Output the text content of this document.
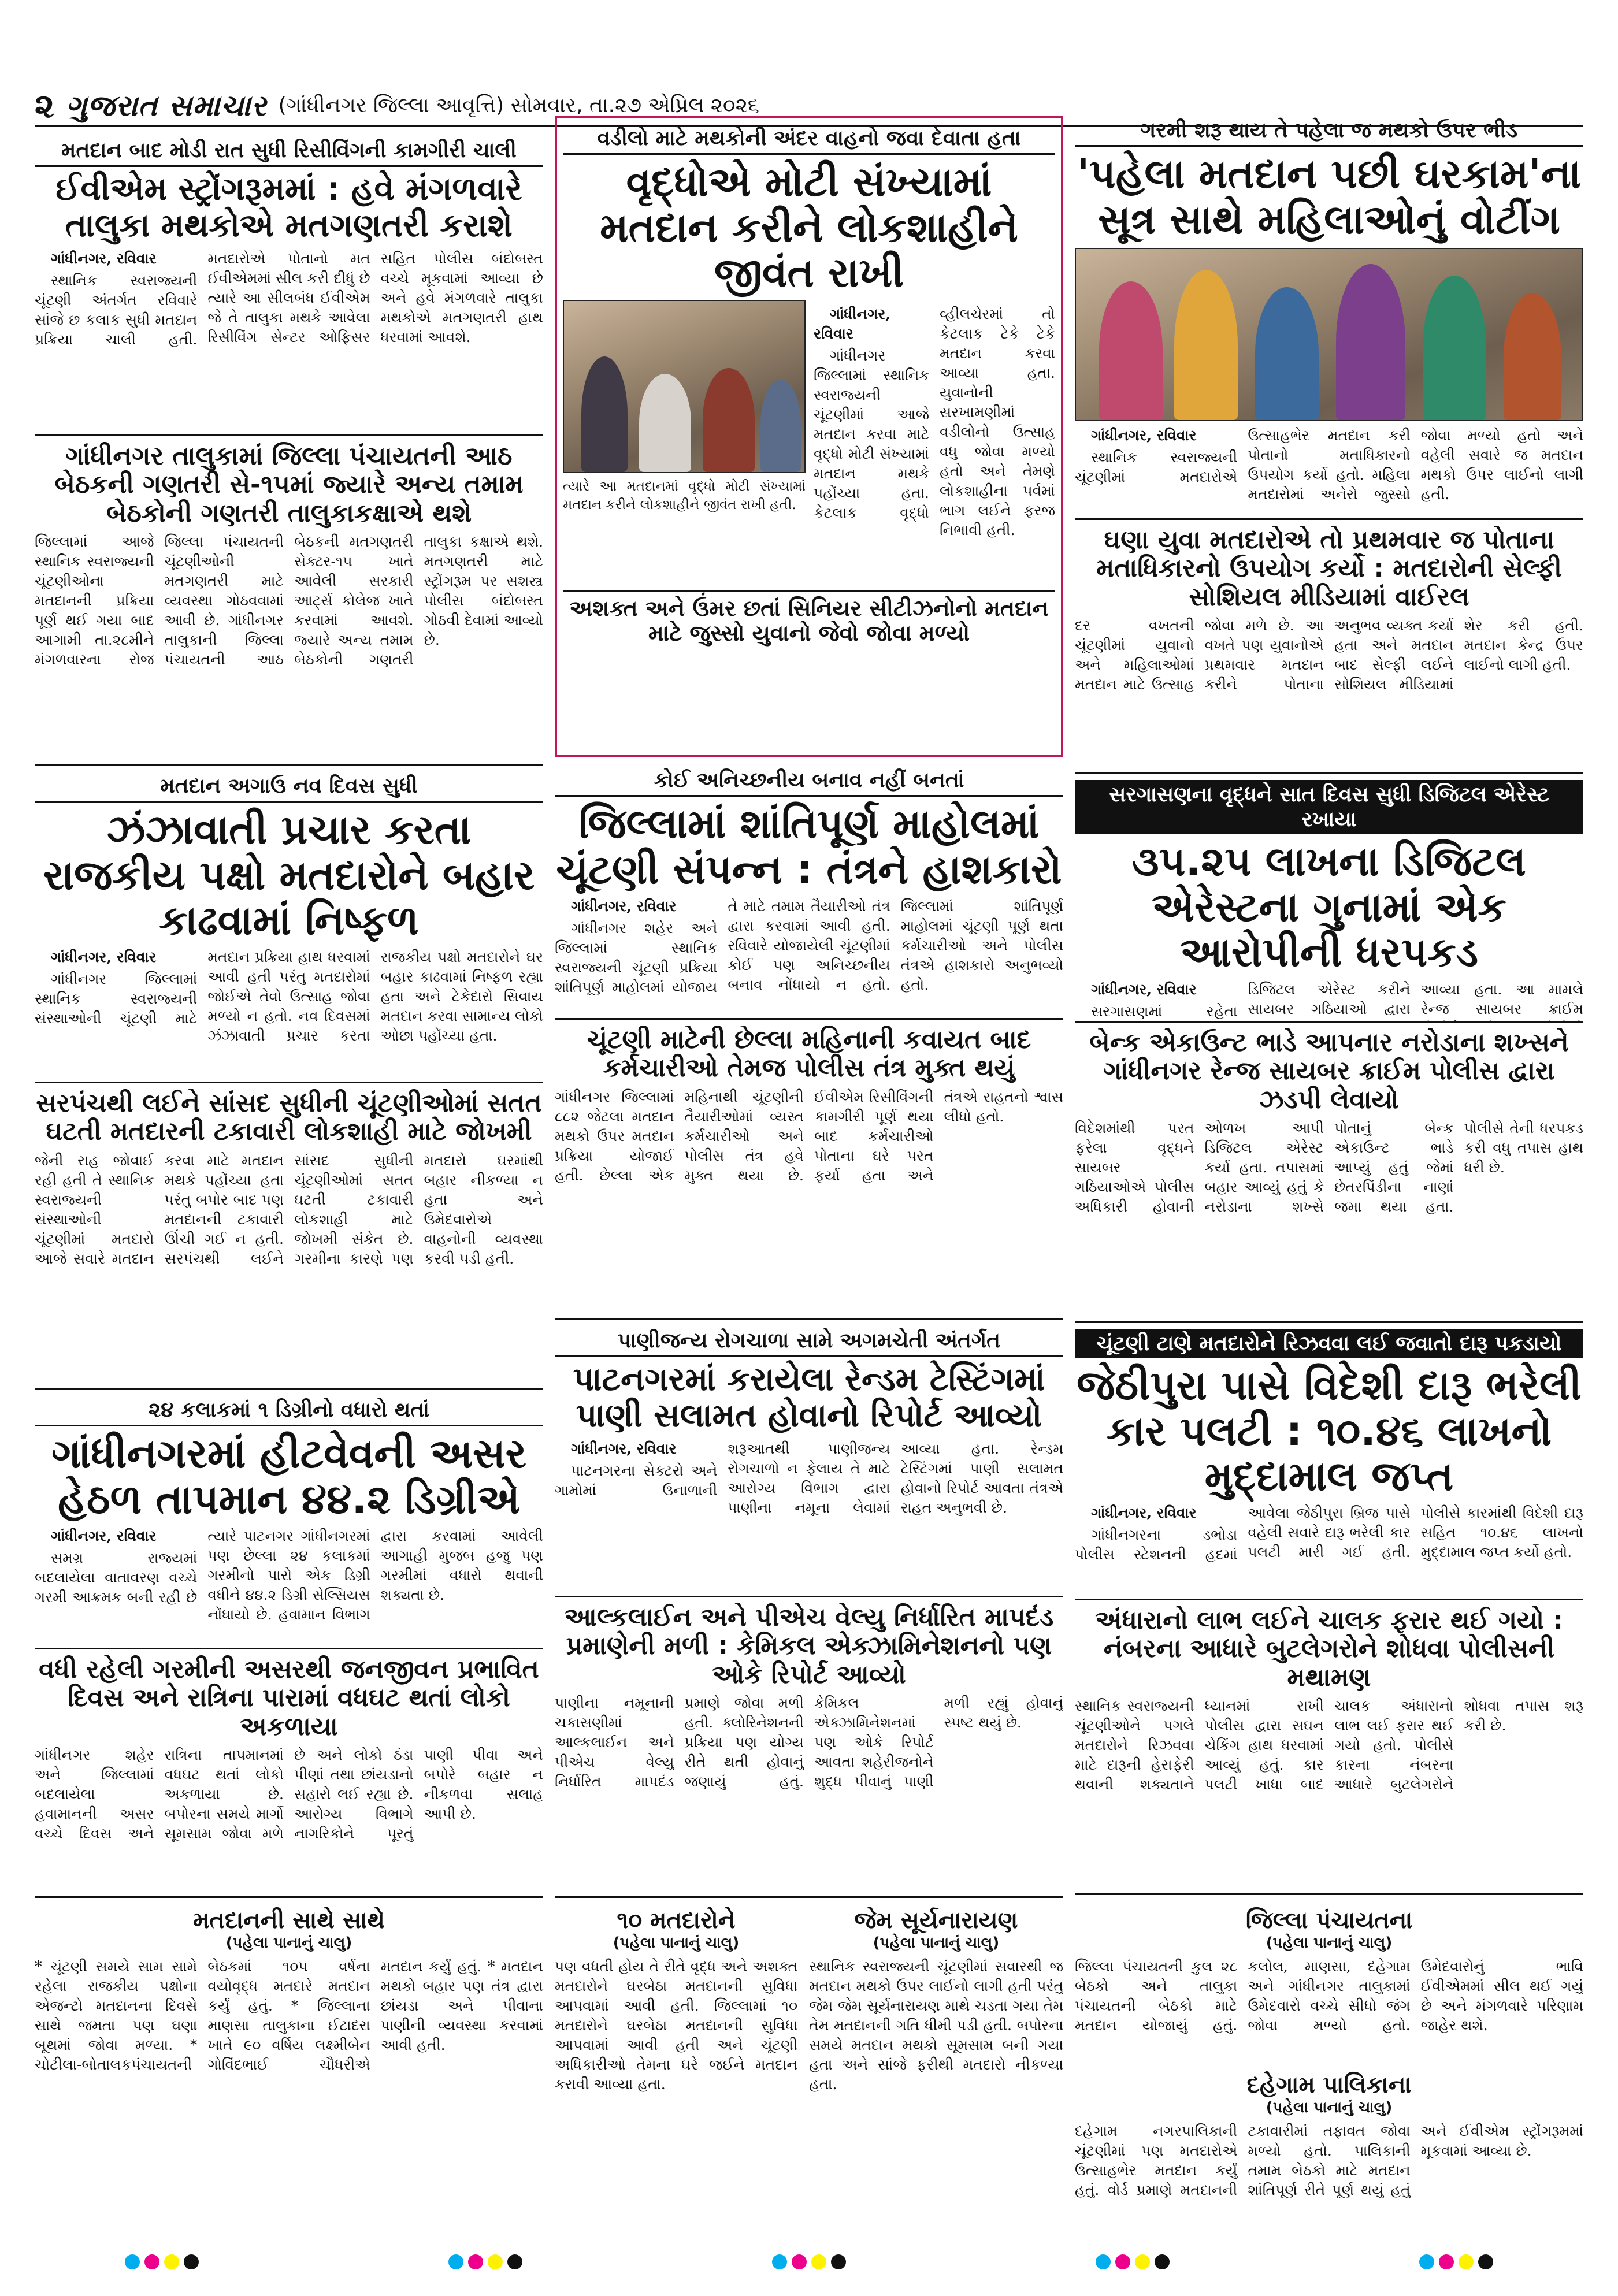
૨ ગુજરાત સમાચાર (ગાંધીનગર જિલ્લા આવૃત્તિ) સોમવાર, તા.૨૭ એપ્રિલ ૨૦૨૬
મતદાન બાદ મોડી રાત સુધી રિસીવિંગની કામગીરી ચાલી
ઈવીએમ સ્ટ્રોંગરૂમમાં : હવે મંગળવારે તાલુકા મથકોએ મતગણતરી કરાશે

ગાંધીનગર, રવિવાર

સ્થાનિક સ્વરાજ્યની ચૂંટણી અંતર્ગત રવિવારે સાંજે છ કલાક સુધી મતદાન પ્રક્રિયા ચાલી હતી. મતદારોએ પોતાનો મત ઈવીએમમાં સીલ કરી દીધું છે ત્યારે આ સીલબંધ ઈવીએમ જે તે તાલુકા મથકે આવેલા રિસીવિંગ સેન્ટર ઓફિસર સહિત પોલીસ બંદોબસ્ત વચ્ચે મૂકવામાં આવ્યા છે અને હવે મંગળવારે તાલુકા મથકોએ મતગણતરી હાથ ધરવામાં આવશે.

ગાંધીનગર તાલુકામાં જિલ્લા પંચાયતની આઠ બેઠકની ગણતરી સે-૧૫માં જ્યારે અન્ય તમામ બેઠકોની ગણતરી તાલુકાકક્ષાએ થશે
જિલ્લામાં આજે સ્થાનિક સ્વરાજ્યની ચૂંટણીઓના મતદાનની પ્રક્રિયા પૂર્ણ થઈ ગયા બાદ આગામી તા.૨૮મીને મંગળવારના રોજ જિલ્લા પંચાયતની ચૂંટણીઓની મતગણતરી માટે વ્યવસ્થા ગોઠવવામાં આવી છે. ગાંધીનગર તાલુકાની જિલ્લા પંચાયતની આઠ બેઠકની મતગણતરી સેક્ટર-૧૫ ખાતે આવેલી સરકારી આર્ટ્સ કોલેજ ખાતે કરવામાં આવશે. જ્યારે અન્ય તમામ બેઠકોની ગણતરી તાલુકા કક્ષાએ થશે. મતગણતરી માટે સ્ટ્રોંગરૂમ પર સશસ્ત્ર પોલીસ બંદોબસ્ત ગોઠવી દેવામાં આવ્યો છે.
મતદાન અગાઉ નવ દિવસ સુધી
ઝંઝાવાતી પ્રચાર કરતા રાજકીય પક્ષો મતદારોને બહાર કાઢવામાં નિષ્ફળ

ગાંધીનગર, રવિવાર

ગાંધીનગર જિલ્લામાં સ્થાનિક સ્વરાજ્યની સંસ્થાઓની ચૂંટણી માટે મતદાન પ્રક્રિયા હાથ ધરવામાં આવી હતી પરંતુ મતદારોમાં જોઈએ તેવો ઉત્સાહ જોવા મળ્યો ન હતો. નવ દિવસમાં ઝંઝાવાતી પ્રચાર કરતા રાજકીય પક્ષો મતદારોને ઘર બહાર કાઢવામાં નિષ્ફળ રહ્યા હતા અને ટેકેદારો સિવાય મતદાન કરવા સામાન્ય લોકો ઓછા પહોંચ્યા હતા.

સરપંચથી લઈને સાંસદ સુધીની ચૂંટણીઓમાં સતત ઘટતી મતદારની ટકાવારી લોકશાહી માટે જોખમી
જેની રાહ જોવાઈ રહી હતી તે સ્થાનિક સ્વરાજ્યની સંસ્થાઓની ચૂંટણીમાં મતદારો આજે સવારે મતદાન કરવા માટે મતદાન મથકે પહોંચ્યા હતા પરંતુ બપોર બાદ પણ મતદાનની ટકાવારી ઊંચી ગઈ ન હતી. સરપંચથી લઈને સાંસદ સુધીની ચૂંટણીઓમાં સતત ઘટતી ટકાવારી લોકશાહી માટે જોખમી સંકેત છે. ગરમીના કારણે પણ મતદારો ઘરમાંથી બહાર નીકળ્યા ન હતા અને ઉમેદવારોએ વાહનોની વ્યવસ્થા કરવી પડી હતી.
૨૪ કલાકમાં ૧ ડિગ્રીનો વધારો થતાં
ગાંધીનગરમાં હીટવેવની અસર હેઠળ તાપમાન ૪૪.૨ ડિગ્રીએ

ગાંધીનગર, રવિવાર

સમગ્ર રાજ્યમાં બદલાયેલા વાતાવરણ વચ્ચે ગરમી આક્રમક બની રહી છે ત્યારે પાટનગર ગાંધીનગરમાં પણ છેલ્લા ૨૪ કલાકમાં ગરમીનો પારો એક ડિગ્રી વધીને ૪૪.૨ ડિગ્રી સેલ્સિયસ નોંધાયો છે. હવામાન વિભાગ દ્વારા કરવામાં આવેલી આગાહી મુજબ હજુ પણ ગરમીમાં વધારો થવાની શક્યતા છે.

વધી રહેલી ગરમીની અસરથી જનજીવન પ્રભાવિત દિવસ અને રાત્રિના પારામાં વધઘટ થતાં લોકો અકળાયા
ગાંધીનગર શહેર અને જિલ્લામાં બદલાયેલા હવામાનની અસર વચ્ચે દિવસ અને રાત્રિના તાપમાનમાં વધઘટ થતાં લોકો અકળાયા છે. બપોરના સમયે માર્ગો સૂમસામ જોવા મળે છે અને લોકો ઠંડા પીણાં તથા છાંયડાનો સહારો લઈ રહ્યા છે. આરોગ્ય વિભાગે નાગરિકોને પૂરતું પાણી પીવા અને બપોરે બહાર ન નીકળવા સલાહ આપી છે.
વડીલો માટે મથકોની અંદર વાહનો જવા દેવાતા હતા
વૃદ્ધોએ મોટી સંખ્યામાં મતદાન કરીને લોકશાહીને જીવંત રાખી
ત્યારે આ મતદાનમાં વૃદ્ધો મોટી સંખ્યામાં મતદાન કરીને લોકશાહીને જીવંત રાખી હતી.

ગાંધીનગર, રવિવાર

ગાંધીનગર જિલ્લામાં સ્થાનિક સ્વરાજ્યની ચૂંટણીમાં આજે મતદાન કરવા માટે વૃદ્ધો મોટી સંખ્યામાં મતદાન મથકે પહોંચ્યા હતા. કેટલાક વૃદ્ધો વ્હીલચેરમાં તો કેટલાક ટેકે ટેકે મતદાન કરવા આવ્યા હતા. યુવાનોની સરખામણીમાં વડીલોનો ઉત્સાહ વધુ જોવા મળ્યો હતો અને તેમણે લોકશાહીના પર્વમાં ભાગ લઈને ફરજ નિભાવી હતી.

અશક્ત અને ઉંમર છતાં સિનિયર સીટીઝનોનો મતદાન માટે જુસ્સો યુવાનો જેવો જોવા મળ્યો
કોઈ અનિચ્છનીય બનાવ નહીં બનતાં
જિલ્લામાં શાંતિપૂર્ણ માહોલમાં ચૂંટણી સંપન્ન : તંત્રને હાશકારો

ગાંધીનગર, રવિવાર

ગાંધીનગર શહેર અને જિલ્લામાં સ્થાનિક સ્વરાજ્યની ચૂંટણી પ્રક્રિયા શાંતિપૂર્ણ માહોલમાં યોજાય તે માટે તમામ તૈયારીઓ તંત્ર દ્વારા કરવામાં આવી હતી. રવિવારે યોજાયેલી ચૂંટણીમાં કોઈ પણ અનિચ્છનીય બનાવ નોંધાયો ન હતો. જિલ્લામાં શાંતિપૂર્ણ માહોલમાં ચૂંટણી પૂર્ણ થતા કર્મચારીઓ અને પોલીસ તંત્રએ હાશકારો અનુભવ્યો હતો.

ચૂંટણી માટેની છેલ્લા મહિનાની કવાયત બાદ કર્મચારીઓ તેમજ પોલીસ તંત્ર મુક્ત થયું
ગાંધીનગર જિલ્લામાં ૮૮૨ જેટલા મતદાન મથકો ઉપર મતદાન પ્રક્રિયા યોજાઈ હતી. છેલ્લા એક મહિનાથી ચૂંટણીની તૈયારીઓમાં વ્યસ્ત કર્મચારીઓ અને પોલીસ તંત્ર હવે મુક્ત થયા છે. ઈવીએમ રિસીવિંગની કામગીરી પૂર્ણ થયા બાદ કર્મચારીઓ પોતાના ઘરે પરત ફર્યા હતા અને તંત્રએ રાહતનો શ્વાસ લીધો હતો.
પાણીજન્ય રોગચાળા સામે અગમચેતી અંતર્ગત
પાટનગરમાં કરાયેલા રેન્ડમ ટેસ્ટિંગમાં પાણી સલામત હોવાનો રિપોર્ટ આવ્યો

ગાંધીનગર, રવિવાર

પાટનગરના સેક્ટરો અને ગામોમાં ઉનાળાની શરૂઆતથી પાણીજન્ય રોગચાળો ન ફેલાય તે માટે આરોગ્ય વિભાગ દ્વારા પાણીના નમૂના લેવામાં આવ્યા હતા. રેન્ડમ ટેસ્ટિંગમાં પાણી સલામત હોવાનો રિપોર્ટ આવતા તંત્રએ રાહત અનુભવી છે.

આલ્કલાઈન અને પીએચ વેલ્યુ નિર્ધારિત માપદંડ પ્રમાણેની મળી : કેમિકલ એક્ઝામિનેશનનો પણ ઓકે રિપોર્ટ આવ્યો
પાણીના નમૂનાની ચકાસણીમાં આલ્કલાઈન અને પીએચ વેલ્યુ નિર્ધારિત માપદંડ પ્રમાણે જોવા મળી હતી. ક્લોરિનેશનની પ્રક્રિયા પણ યોગ્ય રીતે થતી હોવાનું જણાયું હતું. કેમિકલ એક્ઝામિનેશનમાં પણ ઓકે રિપોર્ટ આવતા શહેરીજનોને શુદ્ધ પીવાનું પાણી મળી રહ્યું હોવાનું સ્પષ્ટ થયું છે.
ગરમી શરૂ થાય તે પહેલા જ મથકો ઉપર ભીડ
'પહેલા મતદાન પછી ઘરકામ'ના સૂત્ર સાથે મહિલાઓનું વોટીંગ

ગાંધીનગર, રવિવાર

સ્થાનિક સ્વરાજ્યની ચૂંટણીમાં મતદારોએ ઉત્સાહભેર મતદાન કરી પોતાનો મતાધિકારનો ઉપયોગ કર્યો હતો. મહિલા મતદારોમાં અનેરો જુસ્સો જોવા મળ્યો હતો અને વહેલી સવારે જ મતદાન મથકો ઉપર લાઈનો લાગી હતી.

ઘણા યુવા મતદારોએ તો પ્રથમવાર જ પોતાના મતાધિકારનો ઉપયોગ કર્યો : મતદારોની સેલ્ફી સોશિયલ મીડિયામાં વાઈરલ
દર વખતની ચૂંટણીમાં યુવાનો અને મહિલાઓમાં મતદાન માટે ઉત્સાહ જોવા મળે છે. આ વખતે પણ યુવાનોએ પ્રથમવાર મતદાન કરીને પોતાના અનુભવ વ્યક્ત કર્યા હતા અને મતદાન બાદ સેલ્ફી લઈને સોશિયલ મીડિયામાં શેર કરી હતી. મતદાન કેન્દ્ર ઉપર લાઈનો લાગી હતી.
સરગાસણના વૃદ્ધને સાત દિવસ સુધી ડિજિટલ એરેસ્ટ રખાયા
૩૫.૨૫ લાખના ડિજિટલ એરેસ્ટના ગુનામાં એક આરોપીની ધરપકડ

ગાંધીનગર, રવિવાર

સરગાસણમાં રહેતા ડિજિટલ એરેસ્ટ કરીને સાયબર ગઠિયાઓ દ્વારા આવ્યા હતા. આ મામલે રેન્જ સાયબર ક્રાઈમ

બેન્ક એકાઉન્ટ ભાડે આપનાર નરોડાના શખ્સને ગાંધીનગર રેન્જ સાયબર ક્રાઈમ પોલીસ દ્વારા ઝડપી લેવાયો
વિદેશમાંથી પરત ફરેલા વૃદ્ધને સાયબર ગઠિયાઓએ પોલીસ અધિકારી હોવાની ઓળખ આપી ડિજિટલ એરેસ્ટ કર્યા હતા. તપાસમાં બહાર આવ્યું હતું કે નરોડાના શખ્સે પોતાનું બેન્ક એકાઉન્ટ ભાડે આપ્યું હતું જેમાં છેતરપિંડીના નાણાં જમા થયા હતા. પોલીસે તેની ધરપકડ કરી વધુ તપાસ હાથ ધરી છે.
ચૂંટણી ટાણે મતદારોને રિઝવવા લઈ જવાતો દારૂ પકડાયો
જેઠીપુરા પાસે વિદેશી દારૂ ભરેલી કાર પલટી : ૧૦.૪૬ લાખનો મુદ્દામાલ જપ્ત

ગાંધીનગર, રવિવાર

ગાંધીનગરના ડભોડા પોલીસ સ્ટેશનની હદમાં આવેલા જેઠીપુરા બ્રિજ પાસે વહેલી સવારે દારૂ ભરેલી કાર પલટી મારી ગઈ હતી. પોલીસે કારમાંથી વિદેશી દારૂ સહિત ૧૦.૪૬ લાખનો મુદ્દામાલ જપ્ત કર્યો હતો.

અંધારાનો લાભ લઈને ચાલક ફરાર થઈ ગયો : નંબરના આધારે બુટલેગરોને શોધવા પોલીસની મથામણ
સ્થાનિક સ્વરાજ્યની ચૂંટણીઓને પગલે મતદારોને રિઝવવા માટે દારૂની હેરાફેરી થવાની શક્યતાને ધ્યાનમાં રાખી પોલીસ દ્વારા સઘન ચેકિંગ હાથ ધરવામાં આવ્યું હતું. કાર પલટી ખાધા બાદ ચાલક અંધારાનો લાભ લઈ ફરાર થઈ ગયો હતો. પોલીસે કારના નંબરના આધારે બુટલેગરોને શોધવા તપાસ શરૂ કરી છે.
મતદાનની સાથે સાથે
(પહેલા પાનાનું ચાલુ)
* ચૂંટણી સમયે સામ સામે રહેલા રાજકીય પક્ષોના એજન્ટો મતદાનના દિવસે સાથે જમતા પણ ઘણા બૂથમાં જોવા મળ્યા. * ચોટીલા-બોતાલકપંચાયતની બેઠકમાં ૧૦૫ વર્ષના વયોવૃદ્ધ મતદારે મતદાન કર્યું હતું. * જિલ્લાના માણસા તાલુકાના ઈટાદરા ખાતે ૯૦ વર્ષિય લક્ષ્મીબેન ગોવિંદભાઈ ચૌધરીએ મતદાન કર્યું હતું. * મતદાન મથકો બહાર પણ તંત્ર દ્વારા છાંયડા અને પીવાના પાણીની વ્યવસ્થા કરવામાં આવી હતી.
૧૦ મતદારોને
(પહેલા પાનાનું ચાલુ)
પણ વધતી હોય તે રીતે વૃદ્ધ અને અશક્ત મતદારોને ઘરબેઠા મતદાનની સુવિધા આપવામાં આવી હતી. જિલ્લામાં ૧૦ મતદારોને ઘરબેઠા મતદાનની સુવિધા આપવામાં આવી હતી અને ચૂંટણી અધિકારીઓ તેમના ઘરે જઈને મતદાન કરાવી આવ્યા હતા.
જેમ સૂર્યનારાયણ
(પહેલા પાનાનું ચાલુ)
સ્થાનિક સ્વરાજ્યની ચૂંટણીમાં સવારથી જ મતદાન મથકો ઉપર લાઈનો લાગી હતી પરંતુ જેમ જેમ સૂર્યનારાયણ માથે ચડતા ગયા તેમ તેમ મતદાનની ગતિ ધીમી પડી હતી. બપોરના સમયે મતદાન મથકો સૂમસામ બની ગયા હતા અને સાંજે ફરીથી મતદારો નીકળ્યા હતા.
જિલ્લા પંચાયતના
(પહેલા પાનાનું ચાલુ)
જિલ્લા પંચાયતની કુલ ૨૮ બેઠકો અને તાલુકા પંચાયતની બેઠકો માટે મતદાન યોજાયું હતું. કલોલ, માણસા, દહેગામ અને ગાંધીનગર તાલુકામાં ઉમેદવારો વચ્ચે સીધો જંગ જોવા મળ્યો હતો. ઉમેદવારોનું ભાવિ ઈવીએમમાં સીલ થઈ ગયું છે અને મંગળવારે પરિણામ જાહેર થશે.
દહેગામ પાલિકાના
(પહેલા પાનાનું ચાલુ)
દહેગામ નગરપાલિકાની ચૂંટણીમાં પણ મતદારોએ ઉત્સાહભેર મતદાન કર્યું હતું. વોર્ડ પ્રમાણે મતદાનની ટકાવારીમાં તફાવત જોવા મળ્યો હતો. પાલિકાની તમામ બેઠકો માટે મતદાન શાંતિપૂર્ણ રીતે પૂર્ણ થયું હતું અને ઈવીએમ સ્ટ્રોંગરૂમમાં મૂકવામાં આવ્યા છે.
